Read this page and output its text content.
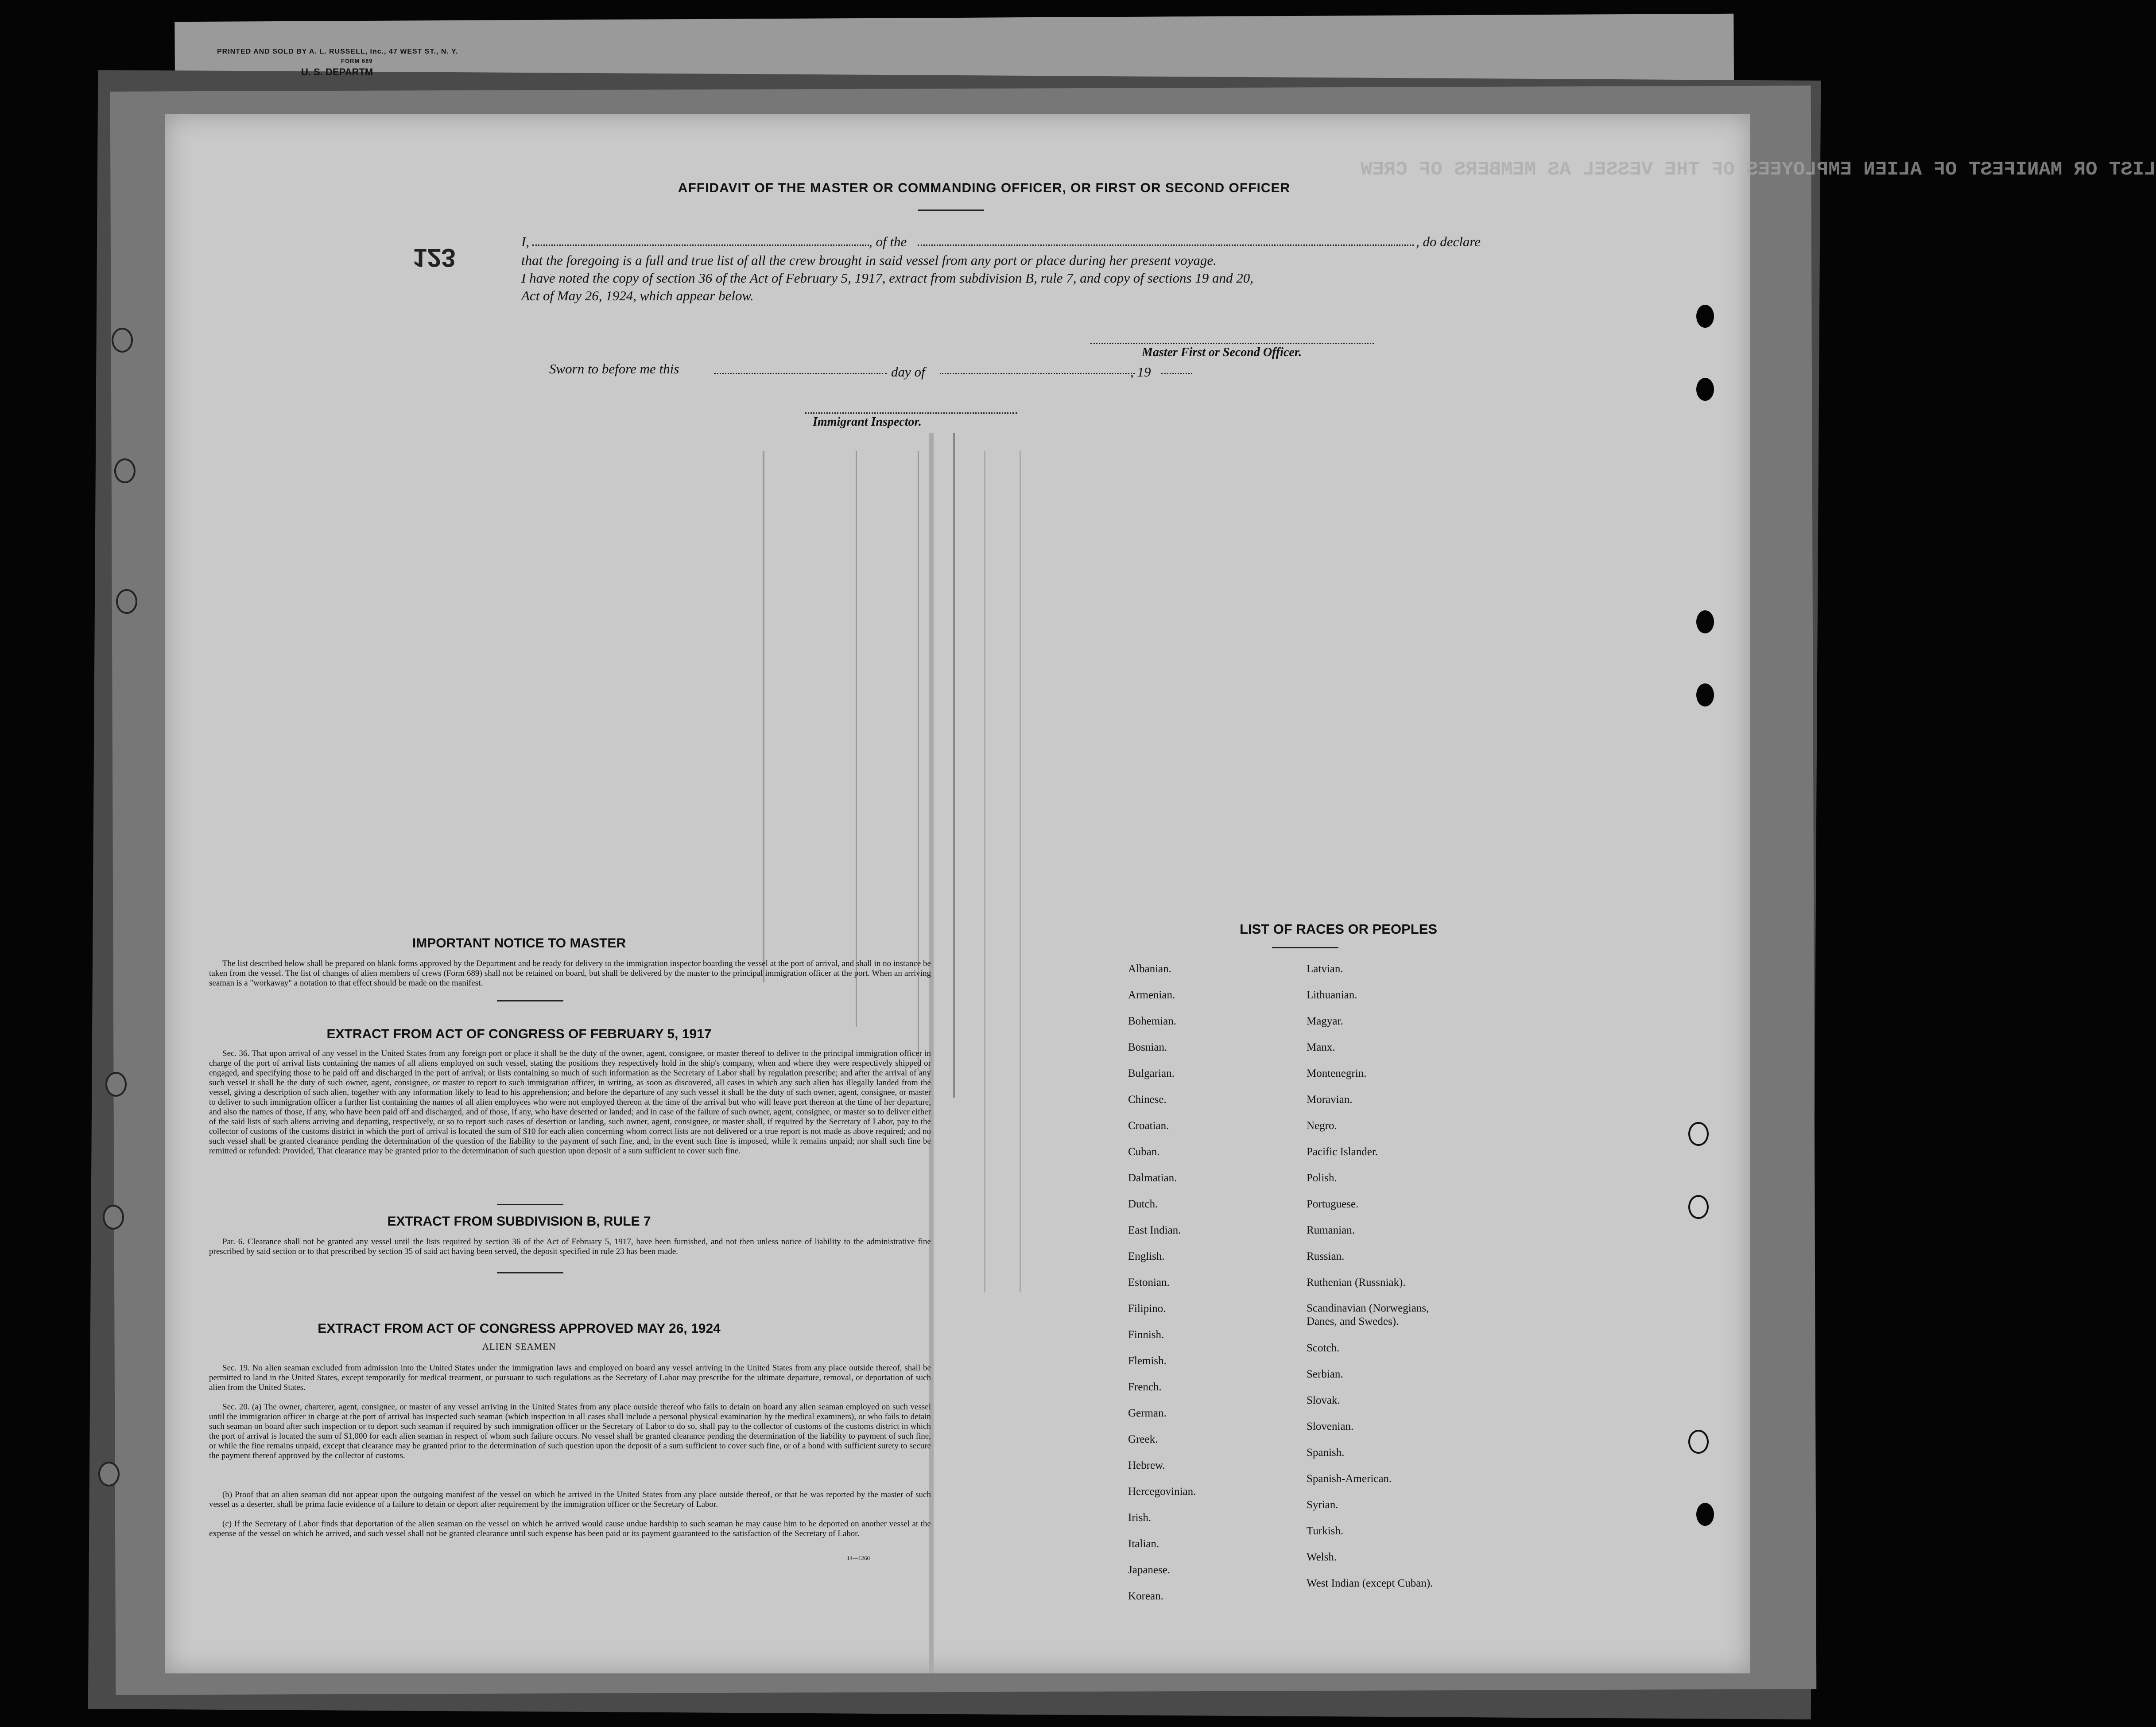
PRINTED AND SOLD BY A. L. RUSSELL, Inc., 47 WEST ST., N. Y.
FORM 689
U. S. DEPARTM
LIST OR MANIFEST OF ALIEN EMPLOYEES OF THE VESSEL AS MEMBERS OF CREW
AFFIDAVIT OF THE MASTER OR COMMANDING OFFICER, OR FIRST OR SECOND OFFICER
123
I,	, of the	, do declare
that the foregoing is a full and true list of all the crew brought in said vessel from any port or place during her present voyage.
I have noted the copy of section 36 of the Act of February 5, 1917, extract from subdivision B, rule 7, and copy of sections 19 and 20,
Act of May 26, 1924, which appear below.
Master First or Second Officer.
Sworn to before me this	day of	, 19
Immigrant Inspector.
IMPORTANT NOTICE TO MASTER
The list described below shall be prepared on blank forms approved by the Department and be ready for delivery to the immigration inspector boarding the vessel at the port of arrival, and shall in no instance be taken from the vessel. The list of changes of alien members of crews (Form 689) shall not be retained on board, but shall be delivered by the master to the principal immigration officer at the port. When an arriving seaman is a "workaway" a notation to that effect should be made on the manifest.
EXTRACT FROM ACT OF CONGRESS OF FEBRUARY 5, 1917
Sec. 36. That upon arrival of any vessel in the United States from any foreign port or place it shall be the duty of the owner, agent, consignee, or master thereof to deliver to the principal immigration officer in charge of the port of arrival lists containing the names of all aliens employed on such vessel, stating the positions they respectively hold in the ship's company, when and where they were respectively shipped or engaged, and specifying those to be paid off and discharged in the port of arrival; or lists containing so much of such information as the Secretary of Labor shall by regulation prescribe; and after the arrival of any such vessel it shall be the duty of such owner, agent, consignee, or master to report to such immigration officer, in writing, as soon as discovered, all cases in which any such alien has illegally landed from the vessel, giving a description of such alien, together with any information likely to lead to his apprehension; and before the departure of any such vessel it shall be the duty of such owner, agent, consignee, or master to deliver to such immigration officer a further list containing the names of all alien employees who were not employed thereon at the time of the arrival but who will leave port thereon at the time of her departure, and also the names of those, if any, who have been paid off and discharged, and of those, if any, who have deserted or landed; and in case of the failure of such owner, agent, consignee, or master so to deliver either of the said lists of such aliens arriving and departing, respectively, or so to report such cases of desertion or landing, such owner, agent, consignee, or master shall, if required by the Secretary of Labor, pay to the collector of customs of the customs district in which the port of arrival is located the sum of $10 for each alien concerning whom correct lists are not delivered or a true report is not made as above required; and no such vessel shall be granted clearance pending the determination of the question of the liability to the payment of such fine, and, in the event such fine is imposed, while it remains unpaid; nor shall such fine be remitted or refunded: Provided, That clearance may be granted prior to the determination of such question upon deposit of a sum sufficient to cover such fine.
EXTRACT FROM SUBDIVISION B, RULE 7
Par. 6. Clearance shall not be granted any vessel until the lists required by section 36 of the Act of February 5, 1917, have been furnished, and not then unless notice of liability to the administrative fine prescribed by said section or to that prescribed by section 35 of said act having been served, the deposit specified in rule 23 has been made.
EXTRACT FROM ACT OF CONGRESS APPROVED MAY 26, 1924
ALIEN SEAMEN
Sec. 19. No alien seaman excluded from admission into the United States under the immigration laws and employed on board any vessel arriving in the United States from any place outside thereof, shall be permitted to land in the United States, except temporarily for medical treatment, or pursuant to such regulations as the Secretary of Labor may prescribe for the ultimate departure, removal, or deportation of such alien from the United States.
Sec. 20. (a) The owner, charterer, agent, consignee, or master of any vessel arriving in the United States from any place outside thereof who fails to detain on board any alien seaman employed on such vessel until the immigration officer in charge at the port of arrival has inspected such seaman (which inspection in all cases shall include a personal physical examination by the medical examiners), or who fails to detain such seaman on board after such inspection or to deport such seaman if required by such immigration officer or the Secretary of Labor to do so, shall pay to the collector of customs of the customs district in which the port of arrival is located the sum of $1,000 for each alien seaman in respect of whom such failure occurs. No vessel shall be granted clearance pending the determination of the liability to payment of such fine, or while the fine remains unpaid, except that clearance may be granted prior to the determination of such question upon the deposit of a sum sufficient to cover such fine, or of a bond with sufficient surety to secure the payment thereof approved by the collector of customs.
(b) Proof that an alien seaman did not appear upon the outgoing manifest of the vessel on which he arrived in the United States from any place outside thereof, or that he was reported by the master of such vessel as a deserter, shall be prima facie evidence of a failure to detain or deport after requirement by the immigration officer or the Secretary of Labor.
(c) If the Secretary of Labor finds that deportation of the alien seaman on the vessel on which he arrived would cause undue hardship to such seaman he may cause him to be deported on another vessel at the expense of the vessel on which he arrived, and such vessel shall not be granted clearance until such expense has been paid or its payment guaranteed to the satisfaction of the Secretary of Labor.
14—1260
LIST OF RACES OR PEOPLES
Albanian.
Armenian.
Bohemian.
Bosnian.
Bulgarian.
Chinese.
Croatian.
Cuban.
Dalmatian.
Dutch.
East Indian.
English.
Estonian.
Filipino.
Finnish.
Flemish.
French.
German.
Greek.
Hebrew.
Hercegovinian.
Irish.
Italian.
Japanese.
Korean.
Latvian.
Lithuanian.
Magyar.
Manx.
Montenegrin.
Moravian.
Negro.
Pacific Islander.
Polish.
Portuguese.
Rumanian.
Russian.
Ruthenian (Russniak).
Scandinavian (Norwegians,
Danes, and Swedes).
Scotch.
Serbian.
Slovak.
Slovenian.
Spanish.
Spanish-American.
Syrian.
Turkish.
Welsh.
West Indian (except Cuban).
